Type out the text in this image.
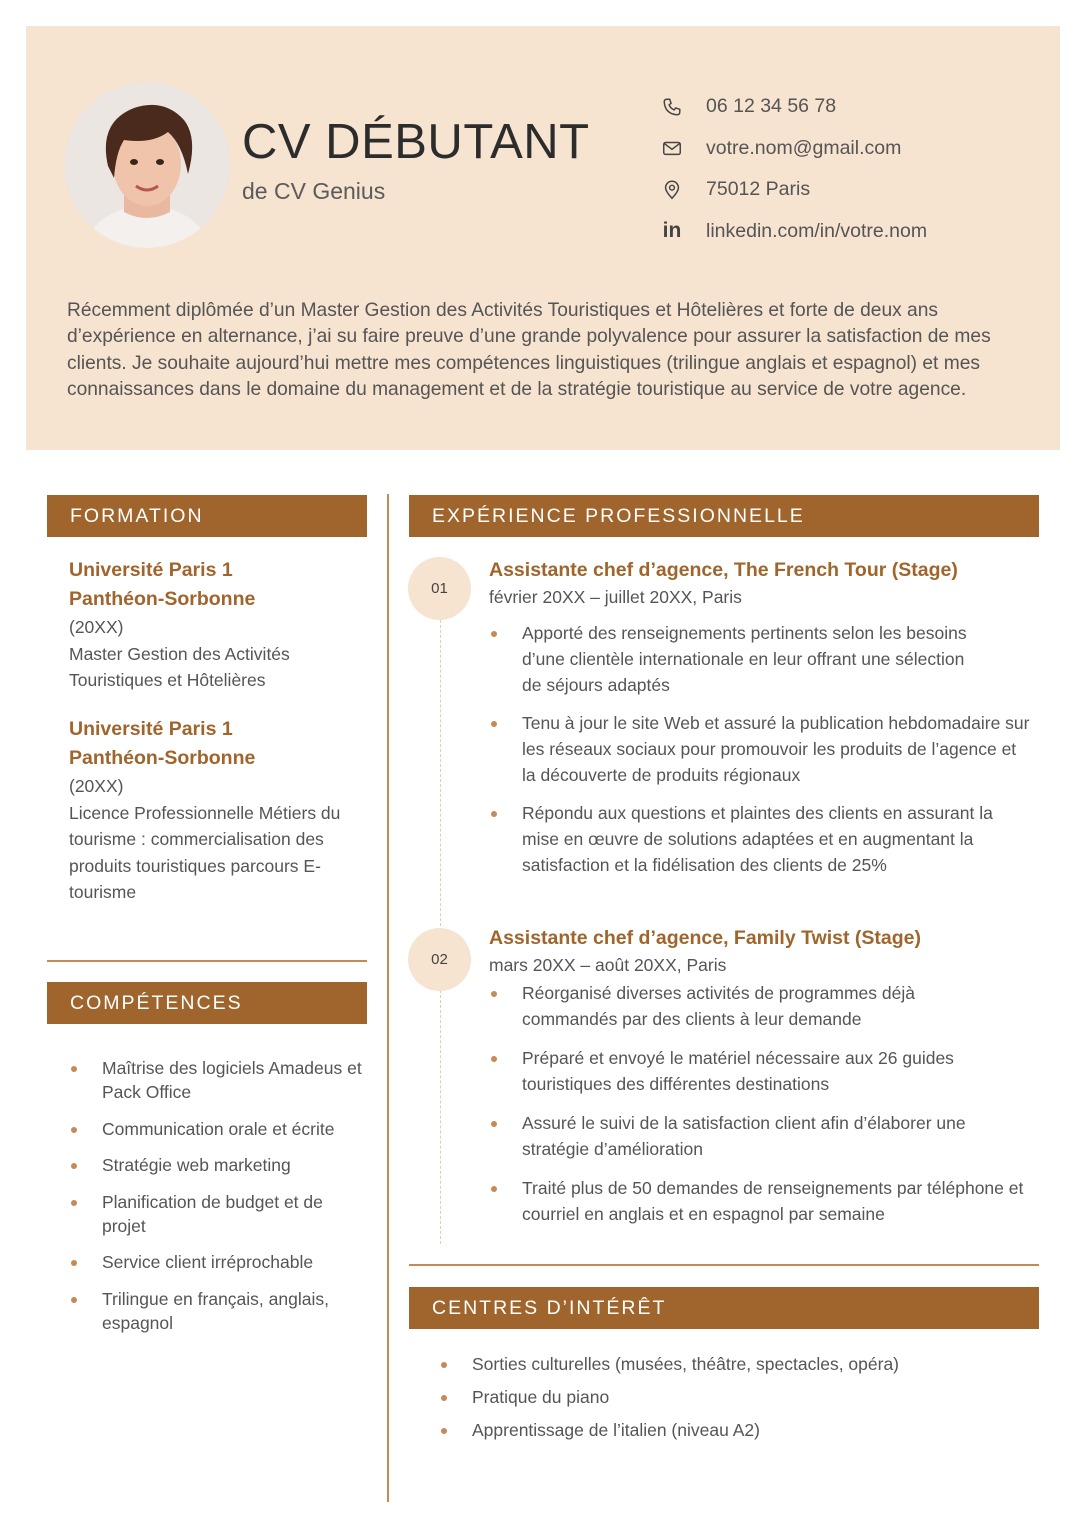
CV DÉBUTANT
de CV Genius
06 12 34 56 78
votre.nom@gmail.com
75012 Paris
in linkedin.com/in/votre.nom
Récemment diplômée d’un Master Gestion des Activités Touristiques et Hôtelières et forte de deux ans d’expérience en alternance, j’ai su faire preuve d’une grande polyvalence pour assurer la satisfaction de mes clients. Je souhaite aujourd’hui mettre mes compétences linguistiques (trilingue anglais et espagnol) et mes connaissances dans le domaine du management et de la stratégie touristique au service de votre agence.
FORMATION
Université Paris 1
Panthéon-Sorbonne
(20XX)
Master Gestion des Activités Touristiques et Hôtelières
Université Paris 1
Panthéon-Sorbonne
(20XX)
Licence Professionnelle Métiers du tourisme : commercialisation des produits touristiques parcours E-tourisme
COMPÉTENCES
Maîtrise des logiciels Amadeus et Pack Office
Communication orale et écrite
Stratégie web marketing
Planification de budget et de projet
Service client irréprochable
Trilingue en français, anglais, espagnol
EXPÉRIENCE PROFESSIONNELLE
01
Assistante chef d’agence, The French Tour (Stage)
février 20XX – juillet 20XX, Paris
Apporté des renseignements pertinents selon les besoins d’une clientèle internationale en leur offrant une sélection de séjours adaptés
Tenu à jour le site Web et assuré la publication hebdomadaire sur les réseaux sociaux pour promouvoir les produits de l’agence et la découverte de produits régionaux
Répondu aux questions et plaintes des clients en assurant la mise en œuvre de solutions adaptées et en augmentant la satisfaction et la fidélisation des clients de 25%
02
Assistante chef d’agence, Family Twist (Stage)
mars 20XX – août 20XX, Paris
Réorganisé diverses activités de programmes déjà commandés par des clients à leur demande
Préparé et envoyé le matériel nécessaire aux 26 guides touristiques des différentes destinations
Assuré le suivi de la satisfaction client afin d’élaborer une stratégie d’amélioration
Traité plus de 50 demandes de renseignements par téléphone et courriel en anglais et en espagnol par semaine
CENTRES D’INTÉRÊT
Sorties culturelles (musées, théâtre, spectacles, opéra)
Pratique du piano
Apprentissage de l’italien (niveau A2)
